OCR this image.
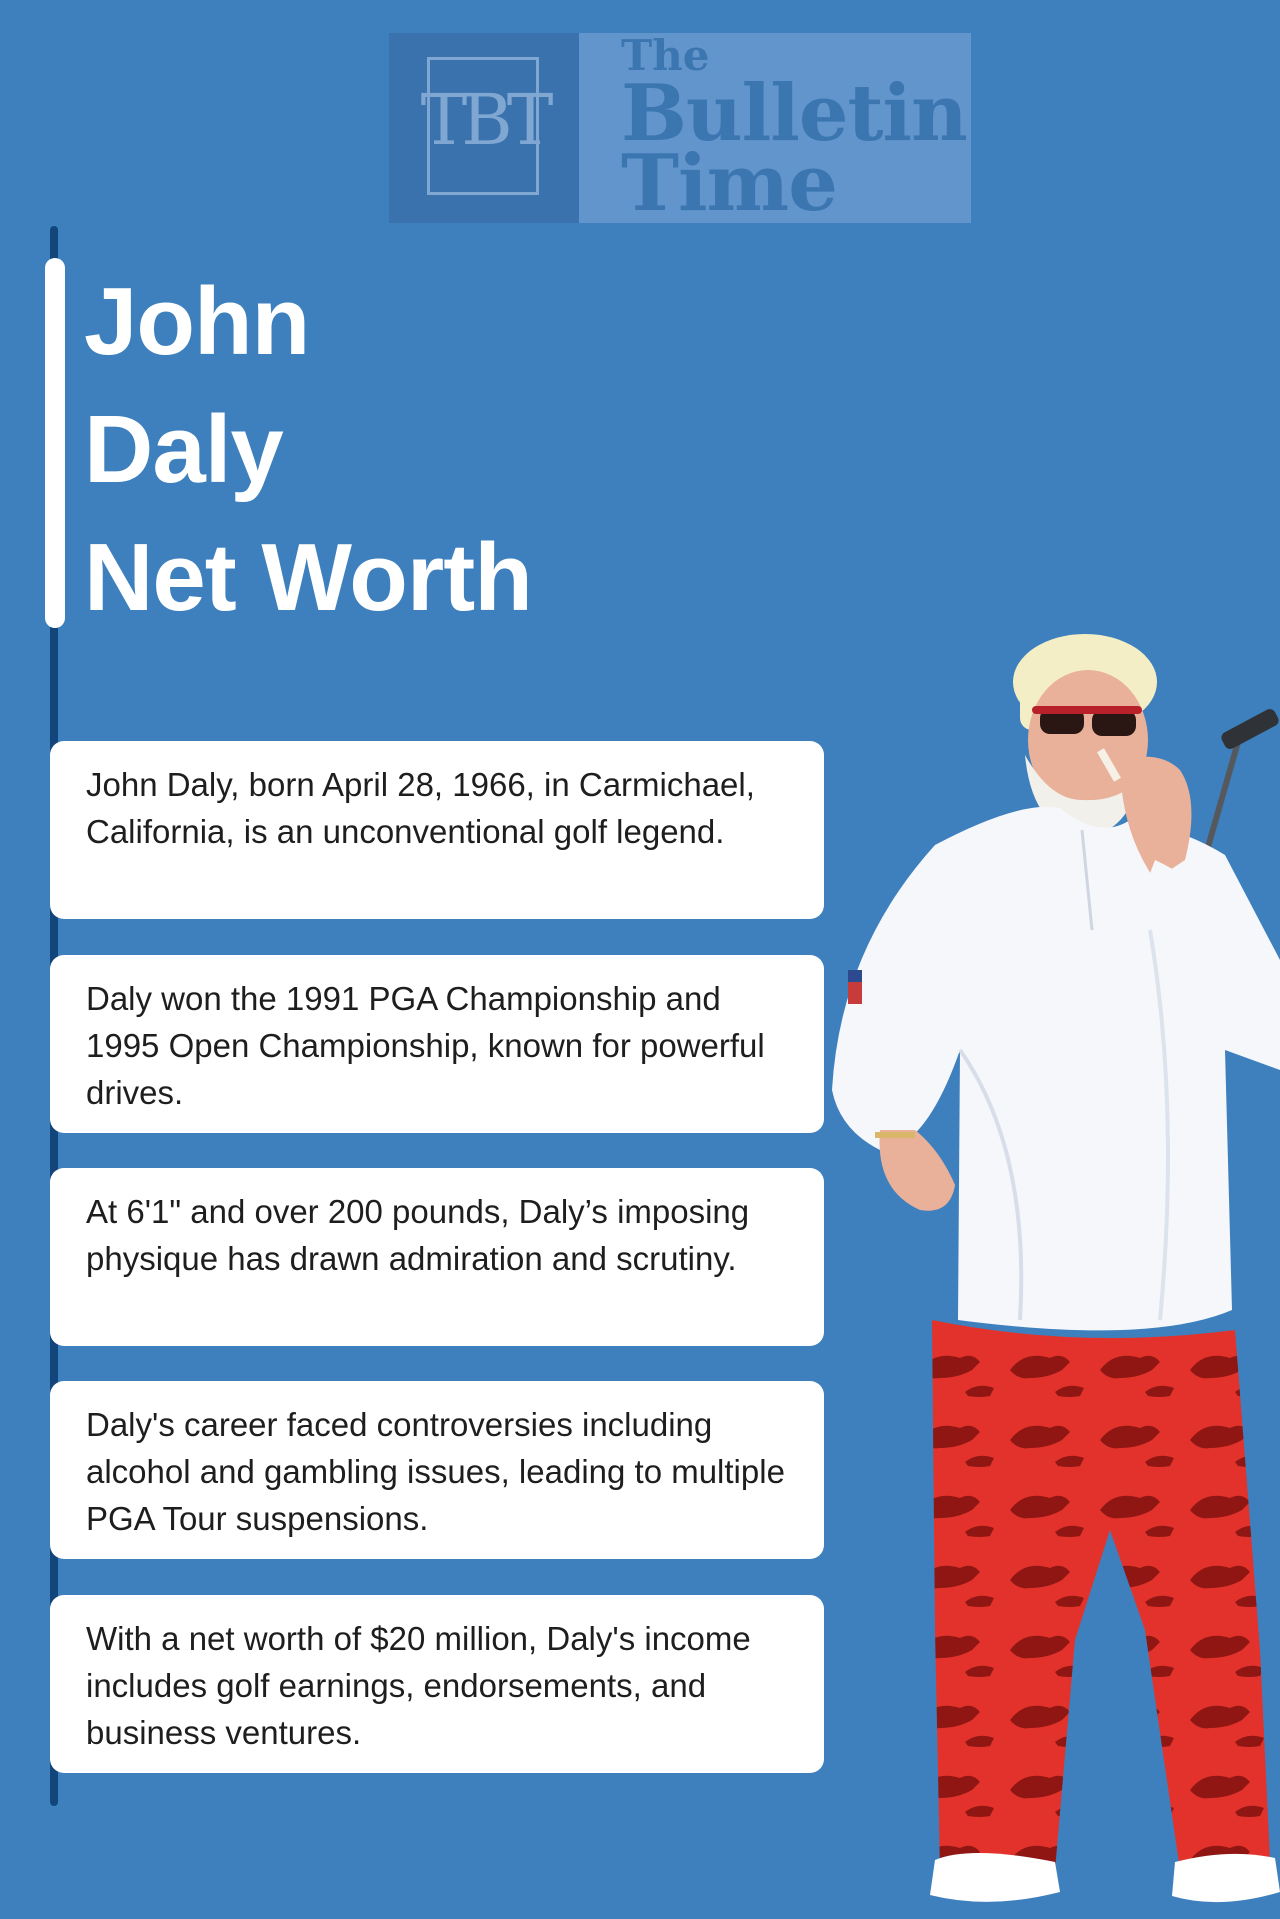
TBT
The
Bulletin
Time
John
Daly
Net Worth
John Daly, born April 28, 1966, in Carmichael, California, is an unconventional golf legend.
Daly won the 1991 PGA Championship and 1995 Open Championship, known for powerful drives.
At 6'1" and over 200 pounds, Daly’s imposing physique has drawn admiration and scrutiny.
Daly's career faced controversies including alcohol and gambling issues, leading to multiple PGA Tour suspensions.
With a net worth of $20 million, Daly's income includes golf earnings, endorsements, and business ventures.
